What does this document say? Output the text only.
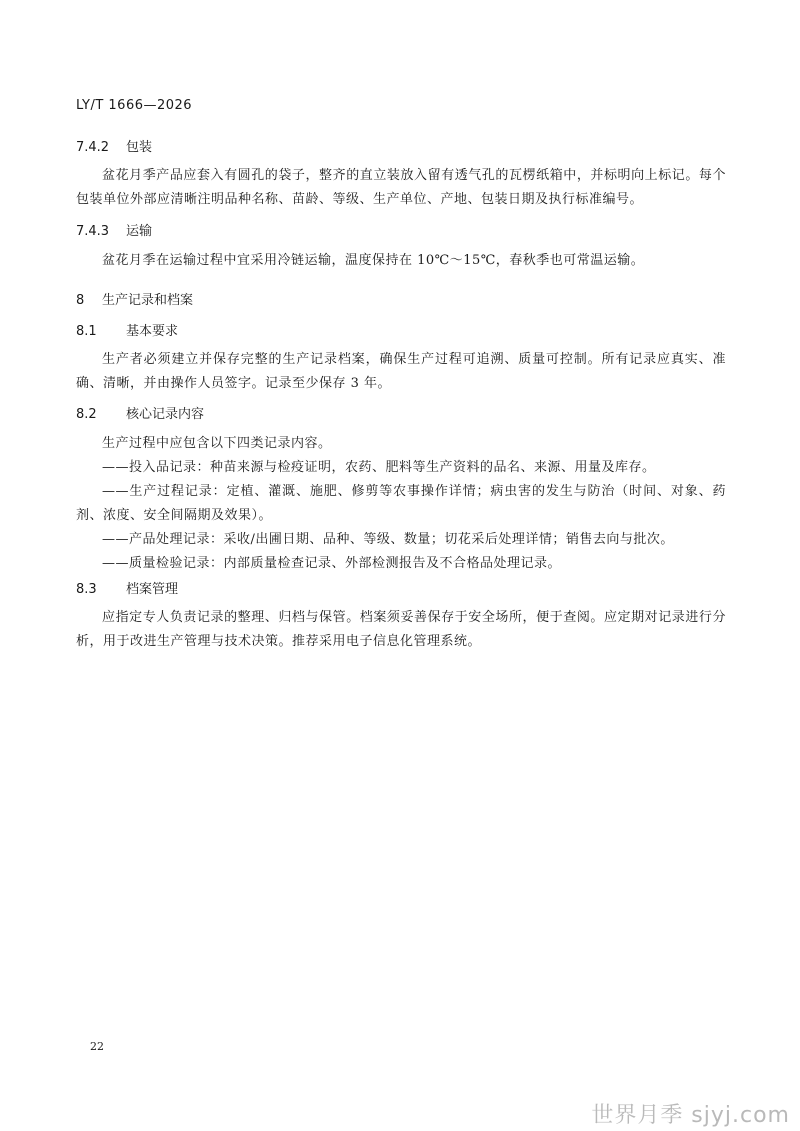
LY/T 1666—2026
7.4.2 包装
盆花月季产品应套入有圆孔的袋子，整齐的直立装放入留有透气孔的瓦楞纸箱中，并标明向上标记。每个包装单位外部应清晰注明品种名称、苗龄、等级、生产单位、产地、包装日期及执行标准编号。
7.4.3 运输
盆花月季在运输过程中宜采用冷链运输，温度保持在 10℃～15℃，春秋季也可常温运输。
8 生产记录和档案
8.1 基本要求
生产者必须建立并保存完整的生产记录档案，确保生产过程可追溯、质量可控制。所有记录应真实、准确、清晰，并由操作人员签字。记录至少保存 3 年。
8.2 核心记录内容
生产过程中应包含以下四类记录内容。
——投入品记录：种苗来源与检疫证明，农药、肥料等生产资料的品名、来源、用量及库存。
——生产过程记录：定植、灌溉、施肥、修剪等农事操作详情；病虫害的发生与防治（时间、对象、药剂、浓度、安全间隔期及效果）。
——产品处理记录：采收/出圃日期、品种、等级、数量；切花采后处理详情；销售去向与批次。
——质量检验记录：内部质量检查记录、外部检测报告及不合格品处理记录。
8.3 档案管理
应指定专人负责记录的整理、归档与保管。档案须妥善保存于安全场所，便于查阅。应定期对记录进行分析，用于改进生产管理与技术决策。推荐采用电子信息化管理系统。
22
世界月季 sjyj.com
